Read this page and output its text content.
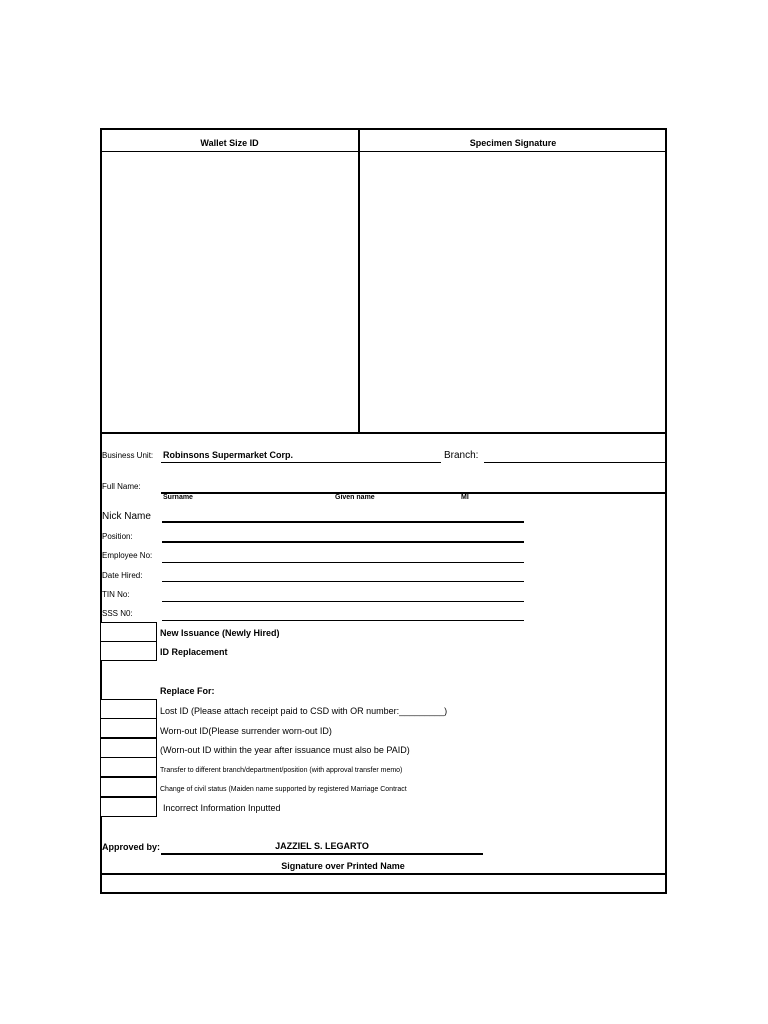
Wallet Size ID	Specimen Signature
Business Unit: Robinsons Supermarket Corp.	Branch:
Full Name:
Surname	Given name	MI
Nick Name
Position:
Employee No:
Date Hired:
TIN No:
SSS N0:
New Issuance (Newly Hired)
ID Replacement
Replace For:
Lost ID (Please attach receipt paid to CSD with OR number:_________)
Worn-out ID(Please surrender worn-out ID)
(Worn-out ID within the year after issuance must also be PAID)
Transfer to different branch/department/position (with approval transfer memo)
Change of civil status (Maiden name supported by registered Marriage Contract
Incorrect Information Inputted
Approved by:	JAZZIEL S. LEGARTO
Signature over Printed Name
